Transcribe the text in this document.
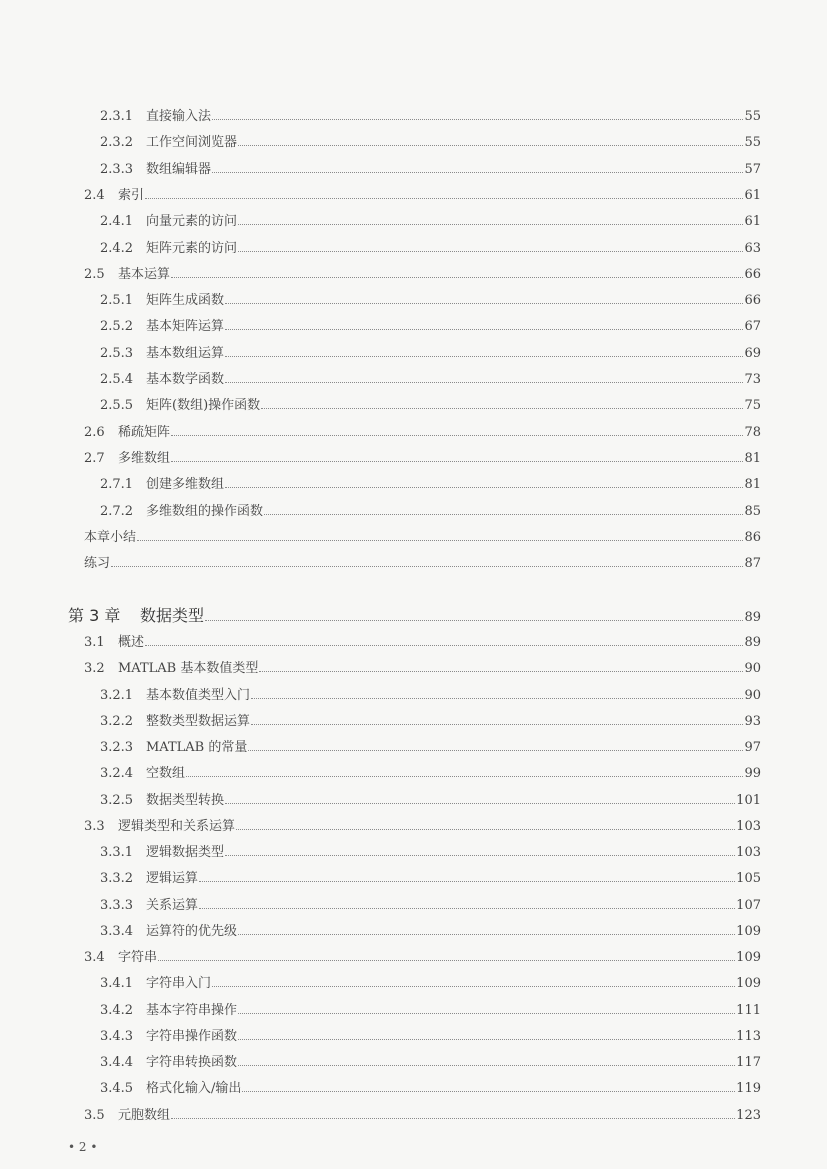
2.3.1 直接输入法	55
2.3.2 工作空间浏览器	55
2.3.3 数组编辑器	57
2.4	索引	61
2.4.1 向量元素的访问	61
2.4.2 矩阵元素的访问	63
2.5	基本运算	66
2.5.1 矩阵生成函数	66
2.5.2 基本矩阵运算	67
2.5.3 基本数组运算	69
2.5.4 基本数学函数	73
2.5.5 矩阵(数组)操作函数	75
2.6	稀疏矩阵	78
2.7	多维数组	81
2.7.1 创建多维数组	81
2.7.2 多维数组的操作函数	85
本章小结	86
练习	87
第 3 章	数据类型	89
3.1	概述	89
3.2	MATLAB 基本数值类型	90
3.2.1 基本数值类型入门	90
3.2.2 整数类型数据运算	93
3.2.3 MATLAB 的常量	97
3.2.4 空数组	99
3.2.5 数据类型转换	101
3.3	逻辑类型和关系运算	103
3.3.1 逻辑数据类型	103
3.3.2 逻辑运算	105
3.3.3 关系运算	107
3.3.4 运算符的优先级	109
3.4	字符串	109
3.4.1 字符串入门	109
3.4.2 基本字符串操作	111
3.4.3 字符串操作函数	113
3.4.4 字符串转换函数	117
3.4.5 格式化输入/输出	119
3.5	元胞数组	123
• 2 •
